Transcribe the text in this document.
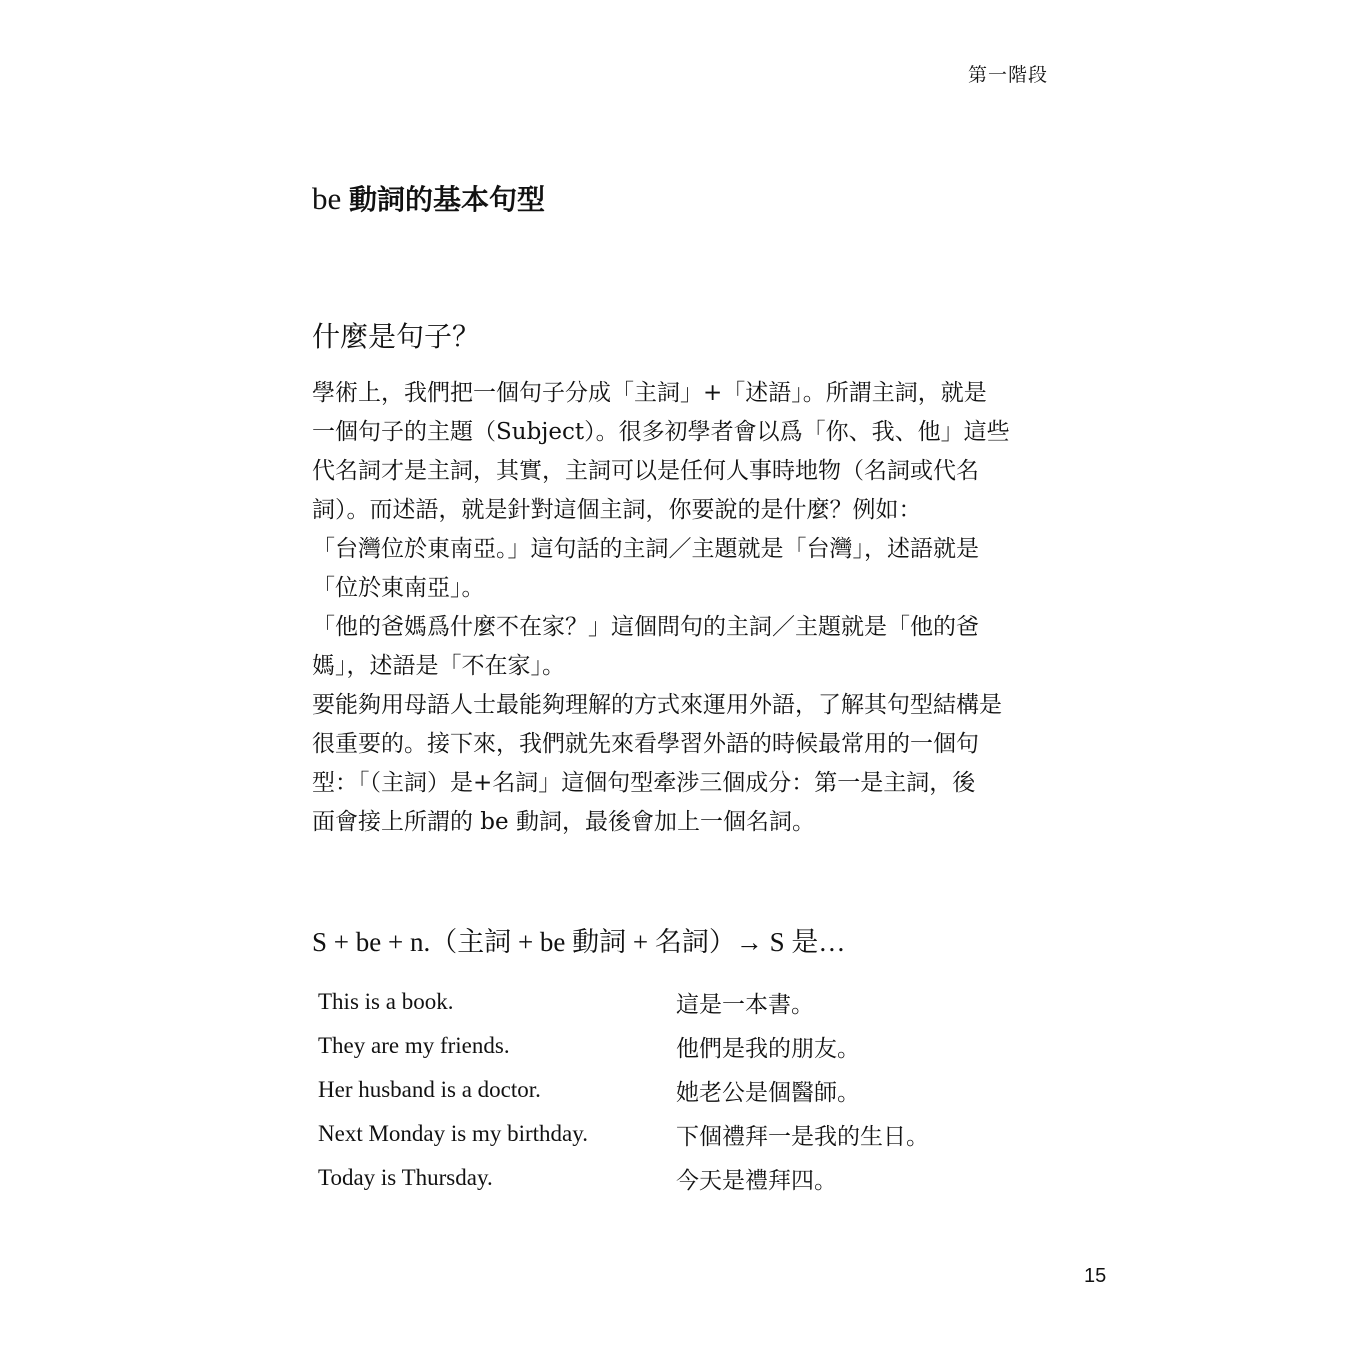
第一階段
be 動詞的基本句型
什麼是句子？
學術上，我們把一個句子分成「主詞」+「述語」。所謂主詞，就是
一個句子的主題（Subject）。很多初學者會以爲「你、我、他」這些
代名詞才是主詞，其實，主詞可以是任何人事時地物（名詞或代名
詞）。而述語，就是針對這個主詞，你要說的是什麼？例如：
「台灣位於東南亞。」這句話的主詞／主題就是「台灣」，述語就是
「位於東南亞」。
「他的爸媽爲什麼不在家？」這個問句的主詞／主題就是「他的爸
媽」，述語是「不在家」。
要能夠用母語人士最能夠理解的方式來運用外語，了解其句型結構是
很重要的。接下來，我們就先來看學習外語的時候最常用的一個句
型：「（主詞）是+名詞」這個句型牽涉三個成分：第一是主詞，後
面會接上所謂的 be 動詞，最後會加上一個名詞。
S + be + n.（主詞 + be 動詞 + 名詞）→ S 是…
This is a book.	這是一本書。
They are my friends.	他們是我的朋友。
Her husband is a doctor.	她老公是個醫師。
Next Monday is my birthday.	下個禮拜一是我的生日。
Today is Thursday.	今天是禮拜四。
15
